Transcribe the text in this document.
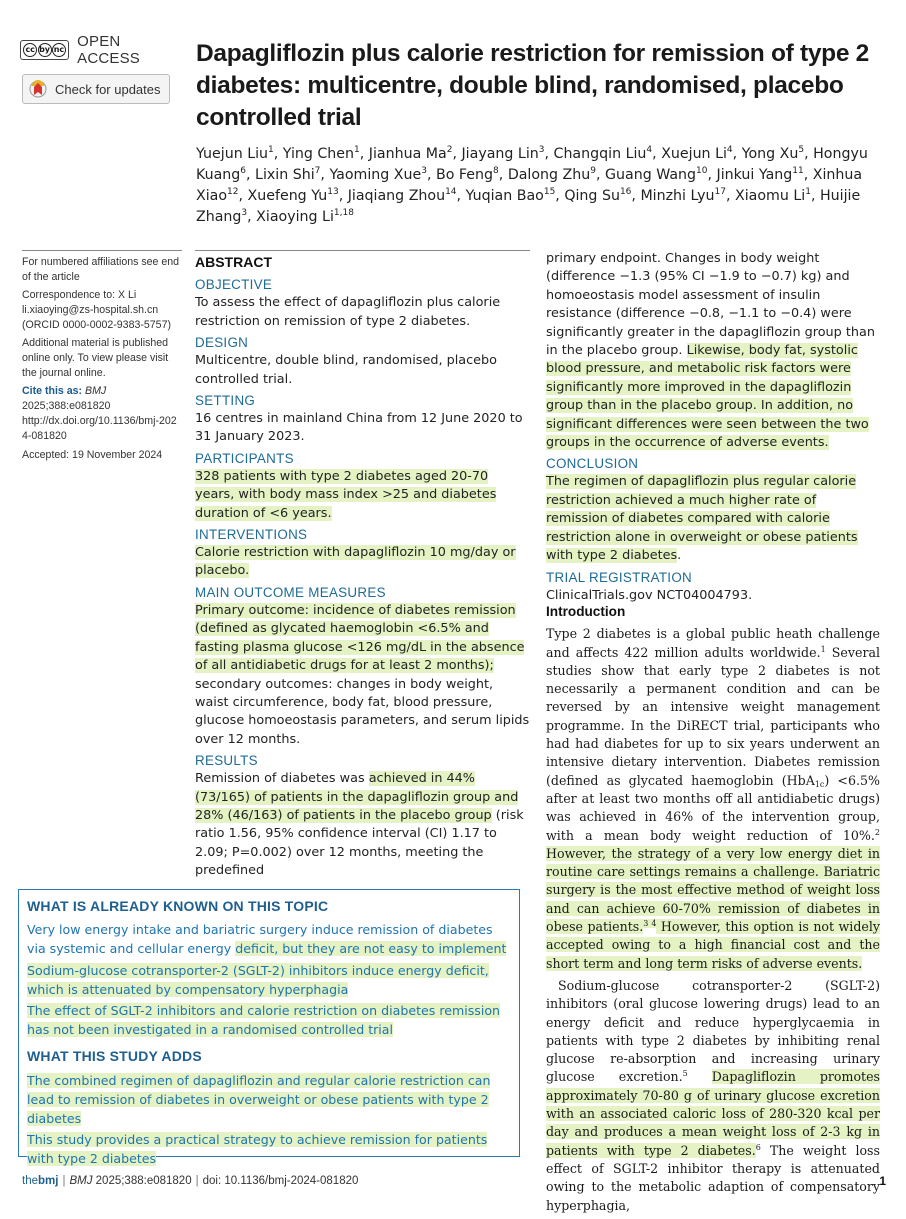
cc by nc OPEN ACCESS
Check for updates
Dapagliflozin plus calorie restriction for remission of type 2 diabetes: multicentre, double blind, randomised, placebo controlled trial
Yuejun Liu$^1$, Ying Chen$^1$, Jianhua Ma$^2$, Jiayang Lin$^3$, Changqin Liu$^4$, Xuejun Li$^4$, Yong Xu$^5$, Hongyu Kuang$^6$, Lixin Shi$^7$, Yaoming Xue$^3$, Bo Feng$^8$, Dalong Zhu$^9$, Guang Wang$^{10}$, Jinkui Yang$^{11}$, Xinhua Xiao$^{12}$, Xuefeng Yu$^{13}$, Jiaqiang Zhou$^{14}$, Yuqian Bao$^{15}$, Qing Su$^{16}$, Minzhi Lyu$^{17}$, Xiaomu Li$^1$, Huijie Zhang$^3$, Xiaoying Li$^{1,18}$

For numbered affiliations see end of the article

Correspondence to: X Li
li.xiaoying@zs-hospital.sh.cn
(ORCID 0000-0002-9383-5757)

Additional material is published online only. To view please visit the journal online.

Cite this as: BMJ 2025;388:e081820
http://dx.doi.org/10.1136/bmj-2024-081820

Accepted: 19 November 2024

ABSTRACT
OBJECTIVE

To assess the effect of dapagliflozin plus calorie restriction on remission of type 2 diabetes.

DESIGN

Multicentre, double blind, randomised, placebo controlled trial.

SETTING

16 centres in mainland China from 12 June 2020 to 31 January 2023.

PARTICIPANTS

328 patients with type 2 diabetes aged 20-70 years, with body mass index >25 and diabetes duration of <6 years.

INTERVENTIONS

Calorie restriction with dapagliflozin 10 mg/day or placebo.

MAIN OUTCOME MEASURES

Primary outcome: incidence of diabetes remission (defined as glycated haemoglobin <6.5% and fasting plasma glucose <126 mg/dL in the absence of all antidiabetic drugs for at least 2 months); secondary outcomes: changes in body weight, waist circumference, body fat, blood pressure, glucose homoeostasis parameters, and serum lipids over 12 months.

RESULTS

Remission of diabetes was achieved in 44% (73/165) of patients in the dapagliflozin group and 28% (46/163) of patients in the placebo group (risk ratio 1.56, 95% confidence interval (CI) 1.17 to 2.09; P=0.002) over 12 months, meeting the predefined

primary endpoint. Changes in body weight (difference −1.3 (95% CI −1.9 to −0.7) kg) and homoeostasis model assessment of insulin resistance (difference −0.8, −1.1 to −0.4) were significantly greater in the dapagliflozin group than in the placebo group. Likewise, body fat, systolic blood pressure, and metabolic risk factors were significantly more improved in the dapagliflozin group than in the placebo group. In addition, no significant differences were seen between the two groups in the occurrence of adverse events.

CONCLUSION

The regimen of dapagliflozin plus regular calorie restriction achieved a much higher rate of remission of diabetes compared with calorie restriction alone in overweight or obese patients with type 2 diabetes.

TRIAL REGISTRATION

ClinicalTrials.gov NCT04004793.

Introduction

Type 2 diabetes is a global public heath challenge and affects 422 million adults worldwide.$^1$ Several studies show that early type 2 diabetes is not necessarily a permanent condition and can be reversed by an intensive weight management programme. In the DiRECT trial, participants who had had diabetes for up to six years underwent an intensive dietary intervention. Diabetes remission (defined as glycated haemoglobin (HbA$_{1c}$) <6.5% after at least two months off all antidiabetic drugs) was achieved in 46% of the intervention group, with a mean body weight reduction of 10%.$^2$ However, the strategy of a very low energy diet in routine care settings remains a challenge. Bariatric surgery is the most effective method of weight loss and can achieve 60-70% remission of diabetes in obese patients.$^{3 4}$ However, this option is not widely accepted owing to a high financial cost and the short term and long term risks of adverse events.

Sodium-glucose cotransporter-2 (SGLT-2) inhibitors (oral glucose lowering drugs) lead to an energy deficit and reduce hyperglycaemia in patients with type 2 diabetes by inhibiting renal glucose re-absorption and increasing urinary glucose excretion.$^5$ Dapagliflozin promotes approximately 70-80 g of urinary glucose excretion with an associated caloric loss of 280-320 kcal per day and produces a mean weight loss of 2-3 kg in patients with type 2 diabetes.$^6$ The weight loss effect of SGLT-2 inhibitor therapy is attenuated owing to the metabolic adaption of compensatory hyperphagia,

WHAT IS ALREADY KNOWN ON THIS TOPIC

Very low energy intake and bariatric surgery induce remission of diabetes via systemic and cellular energy deficit, but they are not easy to implement

Sodium-glucose cotransporter-2 (SGLT-2) inhibitors induce energy deficit, which is attenuated by compensatory hyperphagia

The effect of SGLT-2 inhibitors and calorie restriction on diabetes remission has not been investigated in a randomised controlled trial

WHAT THIS STUDY ADDS

The combined regimen of dapagliflozin and regular calorie restriction can lead to remission of diabetes in overweight or obese patients with type 2 diabetes

This study provides a practical strategy to achieve remission for patients with type 2 diabetes

thebmj | BMJ
2025;388:e081820 | doi: 10.1136/bmj-2024-081820	1
